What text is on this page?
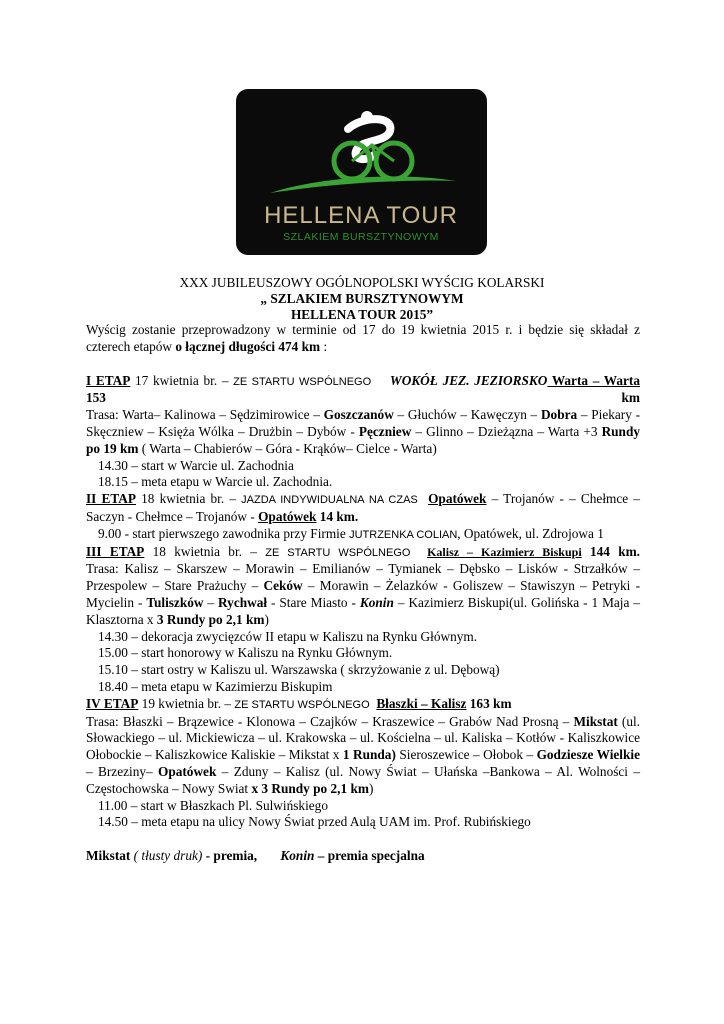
HELLENA TOUR
SZLAKIEM BURSZTYNOWYM
XXX JUBILEUSZOWY OGÓLNOPOLSKI WYŚCIG KOLARSKI
„ SZLAKIEM BURSZTYNOWYM
HELLENA TOUR 2015”

Wyścig zostanie przeprowadzony w terminie od 17 do 19 kwietnia 2015 r. i będzie się składał z czterech etapów o łącznej długości 474 km :

I ETAP 17 kwietnia br. – ZE STARTU WSPÓLNEGO WOKÓŁ JEZ. JEZIORSKO Warta – Warta 153 km

Trasa: Warta– Kalinowa – Sędzimirowice – Goszczanów – Głuchów – Kawęczyn – Dobra – Piekary - Skęczniew – Księża Wólka – Drużbin – Dybów - Pęczniew – Glinno – Dzieżązna – Warta +3 Rundy po 19 km ( Warta – Chabierów – Góra - Krąków– Cielce - Warta)

14.30 – start w Warcie ul. Zachodnia

18.15 – meta etapu w Warcie ul. Zachodnia.

II ETAP 18 kwietnia br. – JAZDA INDYWIDUALNA NA CZAS Opatówek – Trojanów - – Chełmce – Saczyn - Chełmce – Trojanów - Opatówek 14 km.

9.00 - start pierwszego zawodnika przy Firmie JUTRZENKA COLIAN, Opatówek, ul. Zdrojowa 1

III ETAP 18 kwietnia br. – ZE STARTU WSPÓLNEGO Kalisz – Kazimierz Biskupi 144 km.

Trasa: Kalisz – Skarszew – Morawin – Emilianów – Tymianek – Dębsko – Lisków - Strzałków – Przespolew – Stare Prażuchy – Ceków – Morawin – Żelazków - Goliszew – Stawiszyn – Petryki - Mycielin - Tuliszków – Rychwał - Stare Miasto - Konin – Kazimierz Biskupi(ul. Golińska - 1 Maja – Klasztorna x 3 Rundy po 2,1 km)

14.30 – dekoracja zwycięzców II etapu w Kaliszu na Rynku Głównym.

15.00 – start honorowy w Kaliszu na Rynku Głównym.

15.10 – start ostry w Kaliszu ul. Warszawska ( skrzyżowanie z ul. Dębową)

18.40 – meta etapu w Kazimierzu Biskupim

IV ETAP 19 kwietnia br. – ZE STARTU WSPÓLNEGO Błaszki – Kalisz 163 km

Trasa: Błaszki – Brązewice - Klonowa – Czajków – Kraszewice – Grabów Nad Prosną – Mikstat (ul. Słowackiego – ul. Mickiewicza – ul. Krakowska – ul. Kościelna – ul. Kaliska – Kotłów - Kaliszkowice Ołobockie – Kaliszkowice Kaliskie – Mikstat x 1 Runda) Sieroszewice – Ołobok – Godziesze Wielkie – Brzeziny– Opatówek – Zduny – Kalisz (ul. Nowy Świat – Ułańska –Bankowa – Al. Wolności – Częstochowska – Nowy Swiat x 3 Rundy po 2,1 km)

11.00 – start w Błaszkach Pl. Sulwińskiego

14.50 – meta etapu na ulicy Nowy Świat przed Aulą UAM im. Prof. Rubińskiego

Mikstat ( tłusty druk) - premia, Konin – premia specjalna
